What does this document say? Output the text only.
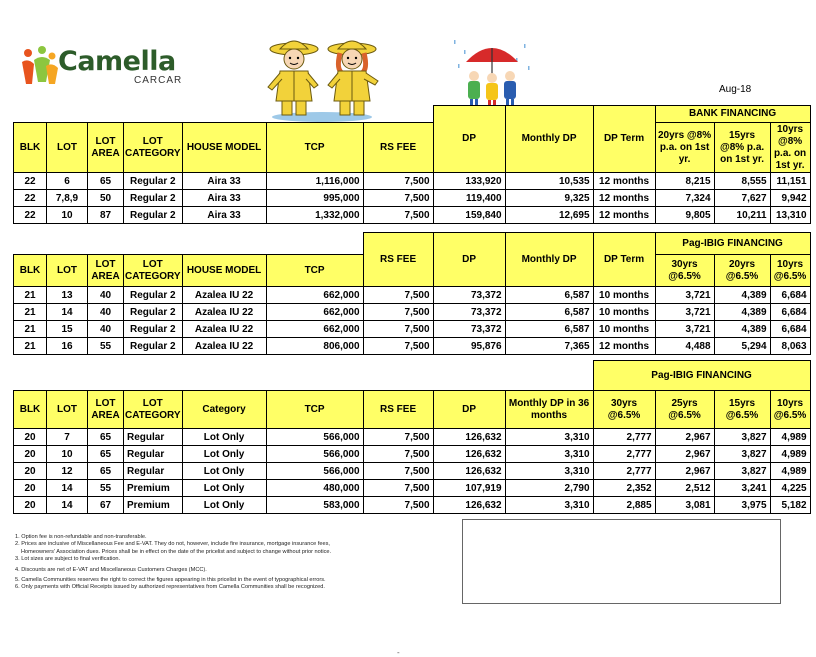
Camella
CARCAR
Aug-18
							DP	Monthly DP	DP Term	BANK FINANCING		
BLK	LOT	LOT AREA	LOT CATEGORY	HOUSE MODEL	TCP	RS FEE				20yrs @8% p.a. on 1st yr.	15yrs @8% p.a. on 1st yr.	10yrs @8% p.a. on 1st yr.
22	6	65	Regular 2	Aira 33	1,116,000	7,500	133,920	10,535	12 months	8,215	8,555	11,151
22	7,8,9	50	Regular 2	Aira 33	995,000	7,500	119,400	9,325	12 months	7,324	7,627	9,942
22	10	87	Regular 2	Aira 33	1,332,000	7,500	159,840	12,695	12 months	9,805	10,211	13,310
						RS FEE	DP	Monthly DP	DP Term	Pag-IBIG FINANCING		
BLK	LOT	LOT AREA	LOT CATEGORY	HOUSE MODEL	TCP					30yrs @6.5%	20yrs @6.5%	10yrs @6.5%
21	13	40	Regular 2	Azalea IU 22	662,000	7,500	73,372	6,587	10 months	3,721	4,389	6,684
21	14	40	Regular 2	Azalea IU 22	662,000	7,500	73,372	6,587	10 months	3,721	4,389	6,684
21	15	40	Regular 2	Azalea IU 22	662,000	7,500	73,372	6,587	10 months	3,721	4,389	6,684
21	16	55	Regular 2	Azalea IU 22	806,000	7,500	95,876	7,365	12 months	4,488	5,294	8,063
									Pag-IBIG FINANCING			
BLK	LOT	LOT AREA	LOT CATEGORY	Category	TCP	RS FEE	DP	Monthly DP in 36 months	30yrs @6.5%	25yrs @6.5%	15yrs @6.5%	10yrs @6.5%
20	7	65	Regular	Lot Only	566,000	7,500	126,632	3,310	2,777	2,967	3,827	4,989
20	10	65	Regular	Lot Only	566,000	7,500	126,632	3,310	2,777	2,967	3,827	4,989
20	12	65	Regular	Lot Only	566,000	7,500	126,632	3,310	2,777	2,967	3,827	4,989
20	14	55	Premium	Lot Only	480,000	7,500	107,919	2,790	2,352	2,512	3,241	4,225
20	14	67	Premium	Lot Only	583,000	7,500	126,632	3,310	2,885	3,081	3,975	5,182
1. Option fee is non-refundable and non-transferable.
2. Prices are inclusive of Miscellaneous Fee and E-VAT. They do not, however, include fire insurance, mortgage insurance fees,
Homeowners' Association dues. Prices shall be in effect on the date of the pricelist and subject to change without prior notice.
3. Lot sizes are subject to final verification.
4. Discounts are net of E-VAT and Miscellaneous Customers Charges (MCC).
5. Camella Communities reserves the right to correct the figures appearing in this pricelist in the event of typographical errors.
6. Only payments with Official Receipts issued by authorized representatives from Camella Communities shall be recognized.
-
